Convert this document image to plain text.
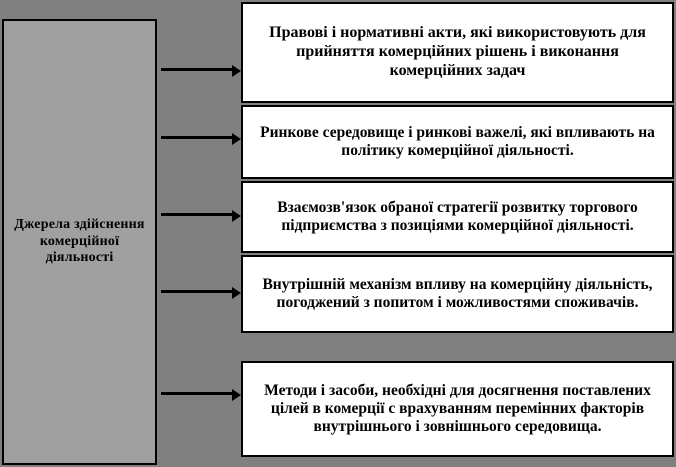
Джерела здійснення комерційної діяльності
Правові і нормативні акти, які використовують для прийняття комерційних рішень і виконання комерційних задач
Ринкове середовище і ринкові важелі, які впливають на політику комерційної діяльності.
Взаємозв'язок обраної стратегії розвитку торгового підприємства з позиціями комерційної діяльності.
Внутрішній механізм впливу на комерційну діяльність, погоджений з попитом і можливостями споживачів.
Методи і засоби, необхідні для досягнення поставлених цілей в комерції с врахуванням перемінних факторів внутрішнього і зовнішнього середовища.
